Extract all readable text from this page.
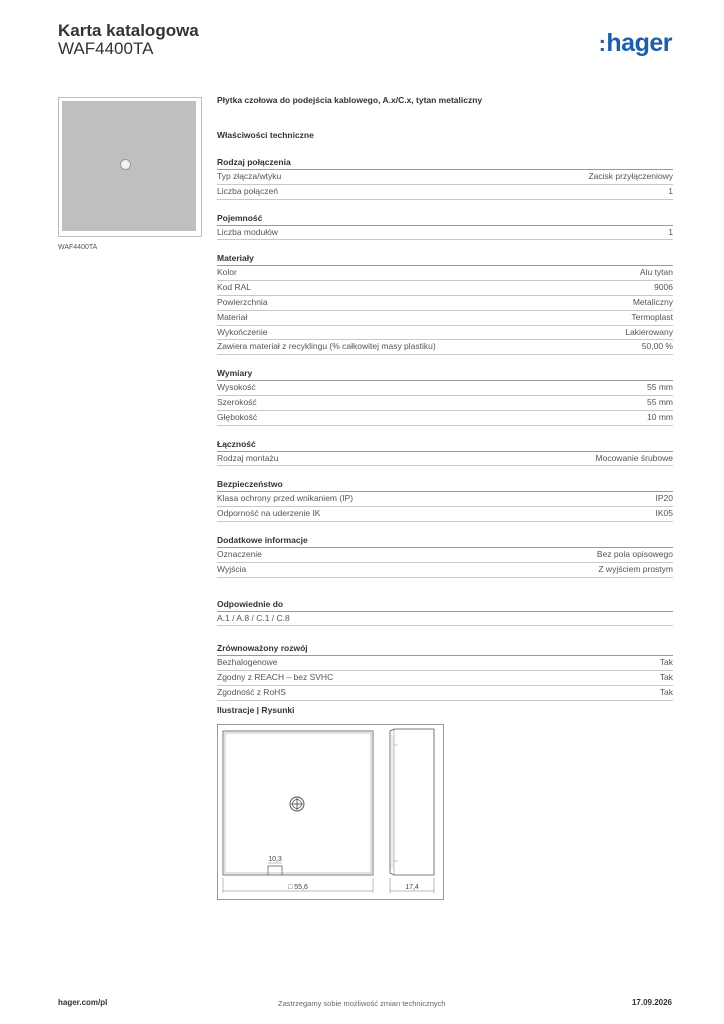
Karta katalogowa
WAF4400TA	:hager
WAF4400TA
Płytka czołowa do podejścia kablowego, A.x/C.x, tytan metaliczny
Właściwości techniczne
Rodzaj połączenia
Typ złącza/wtyku	Zacisk przyłączeniowy
Liczba połączeń	1
Pojemność
Liczba modułów	1
Materiały
Kolor	Alu tytan
Kod RAL	9006
Powierzchnia	Metaliczny
Materiał	Termoplast
Wykończenie	Lakierowany
Zawiera materiał z recyklingu (% całkowitej masy plastiku)	50,00 %
Wymiary
Wysokość	55 mm
Szerokość	55 mm
Głębokość	10 mm
Łączność
Rodzaj montażu	Mocowanie śrubowe
Bezpieczeństwo
Klasa ochrony przed wnikaniem (IP)	IP20
Odporność na uderzenie IK	IK05
Dodatkowe informacje
Oznaczenie	Bez pola opisowego
Wyjścia	Z wyjściem prostym
Odpowiednie do
A.1 / A.8 / C.1 / C.8
Zrównoważony rozwój
Bezhalogenowe	Tak
Zgodny z REACH – bez SVHC	Tak
Zgodność z RoHS	Tak
Ilustracje | Rysunki
10,3
□ 55,6	17,4
hager.com/pl	Zastrzegamy sobie możliwość zmian technicznych	17.09.2026
